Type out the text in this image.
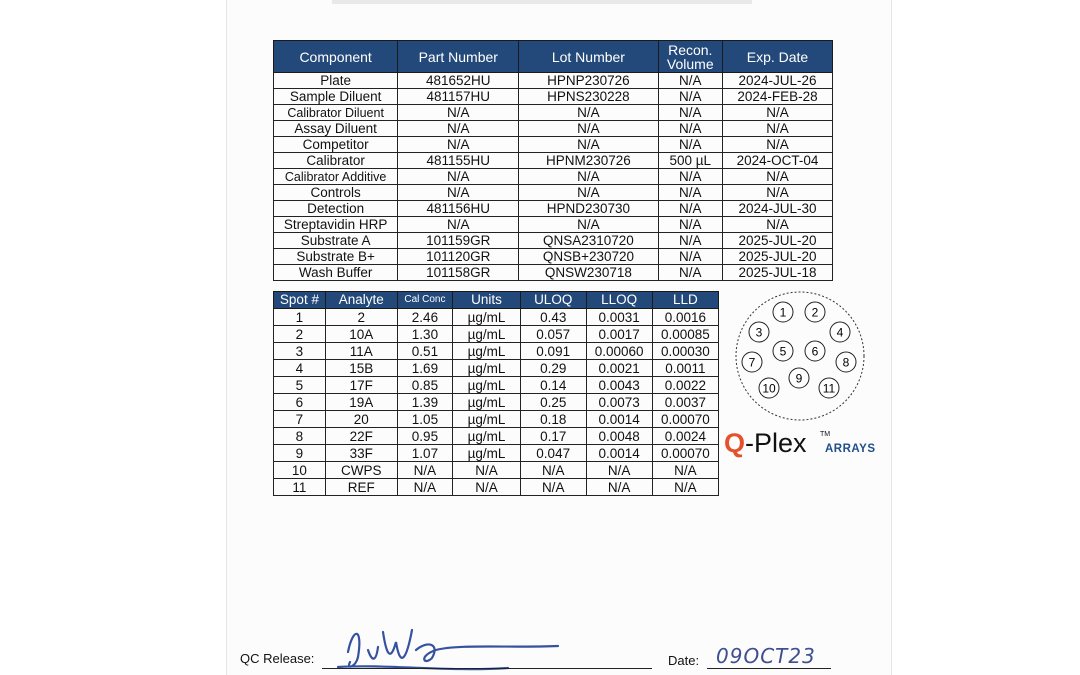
Component	Part Number	Lot Number	Recon. Volume	Exp. Date
Plate	481652HU	HPNP230726	N/A	2024-JUL-26
Sample Diluent	481157HU	HPNS230228	N/A	2024-FEB-28
Calibrator Diluent	N/A	N/A	N/A	N/A
Assay Diluent	N/A	N/A	N/A	N/A
Competitor	N/A	N/A	N/A	N/A
Calibrator	481155HU	HPNM230726	500 µL	2024-OCT-04
Calibrator Additive	N/A	N/A	N/A	N/A
Controls	N/A	N/A	N/A	N/A
Detection	481156HU	HPND230730	N/A	2024-JUL-30
Streptavidin HRP	N/A	N/A	N/A	N/A
Substrate A	101159GR	QNSA2310720	N/A	2025-JUL-20
Substrate B+	101120GR	QNSB+230720	N/A	2025-JUL-20
Wash Buffer	101158GR	QNSW230718	N/A	2025-JUL-18
Spot #	Analyte	Cal Conc	Units	ULOQ	LLOQ	LLD
1	2	2.46	µg/mL	0.43	0.0031	0.0016
2	10A	1.30	µg/mL	0.057	0.0017	0.00085
3	11A	0.51	µg/mL	0.091	0.00060	0.00030
4	15B	1.69	µg/mL	0.29	0.0021	0.0011
5	17F	0.85	µg/mL	0.14	0.0043	0.0022
6	19A	1.39	µg/mL	0.25	0.0073	0.0037
7	20	1.05	µg/mL	0.18	0.0014	0.00070
8	22F	0.95	µg/mL	0.17	0.0048	0.0024
9	33F	1.07	µg/mL	0.047	0.0014	0.00070
10	CWPS	N/A	N/A	N/A	N/A	N/A
11	REF	N/A	N/A	N/A	N/A	N/A
1 2
3	4
5 6
7	8
9
10	11
Q-Plex TM
ARRAYS
QC Release:	Date: 09OCT23
